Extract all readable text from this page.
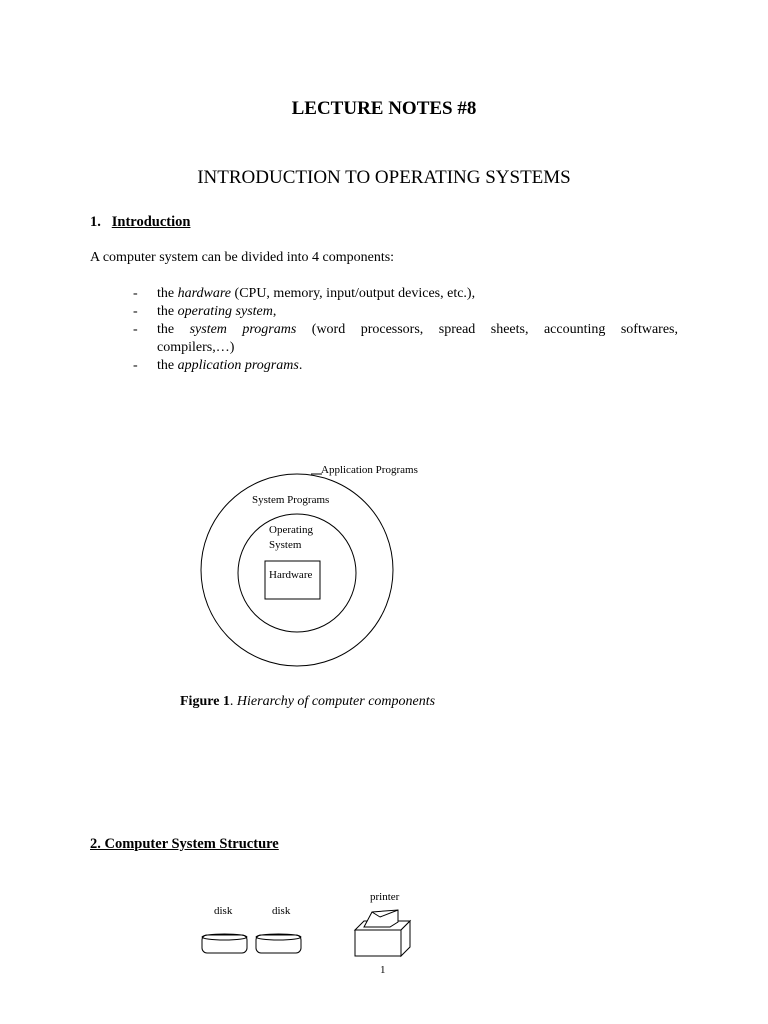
LECTURE NOTES #8
INTRODUCTION TO OPERATING SYSTEMS
1. Introduction
A computer system can be divided into 4 components:
- the hardware (CPU, memory, input/output devices, etc.),
- the operating system,
- the system programs (word processors, spread sheets, accounting softwares,
compilers,…)
- the application programs.
Application Programs
System Programs
Operating
System
Hardware
Figure 1. Hierarchy of computer components
2. Computer System Structure
disk	disk
printer
1
